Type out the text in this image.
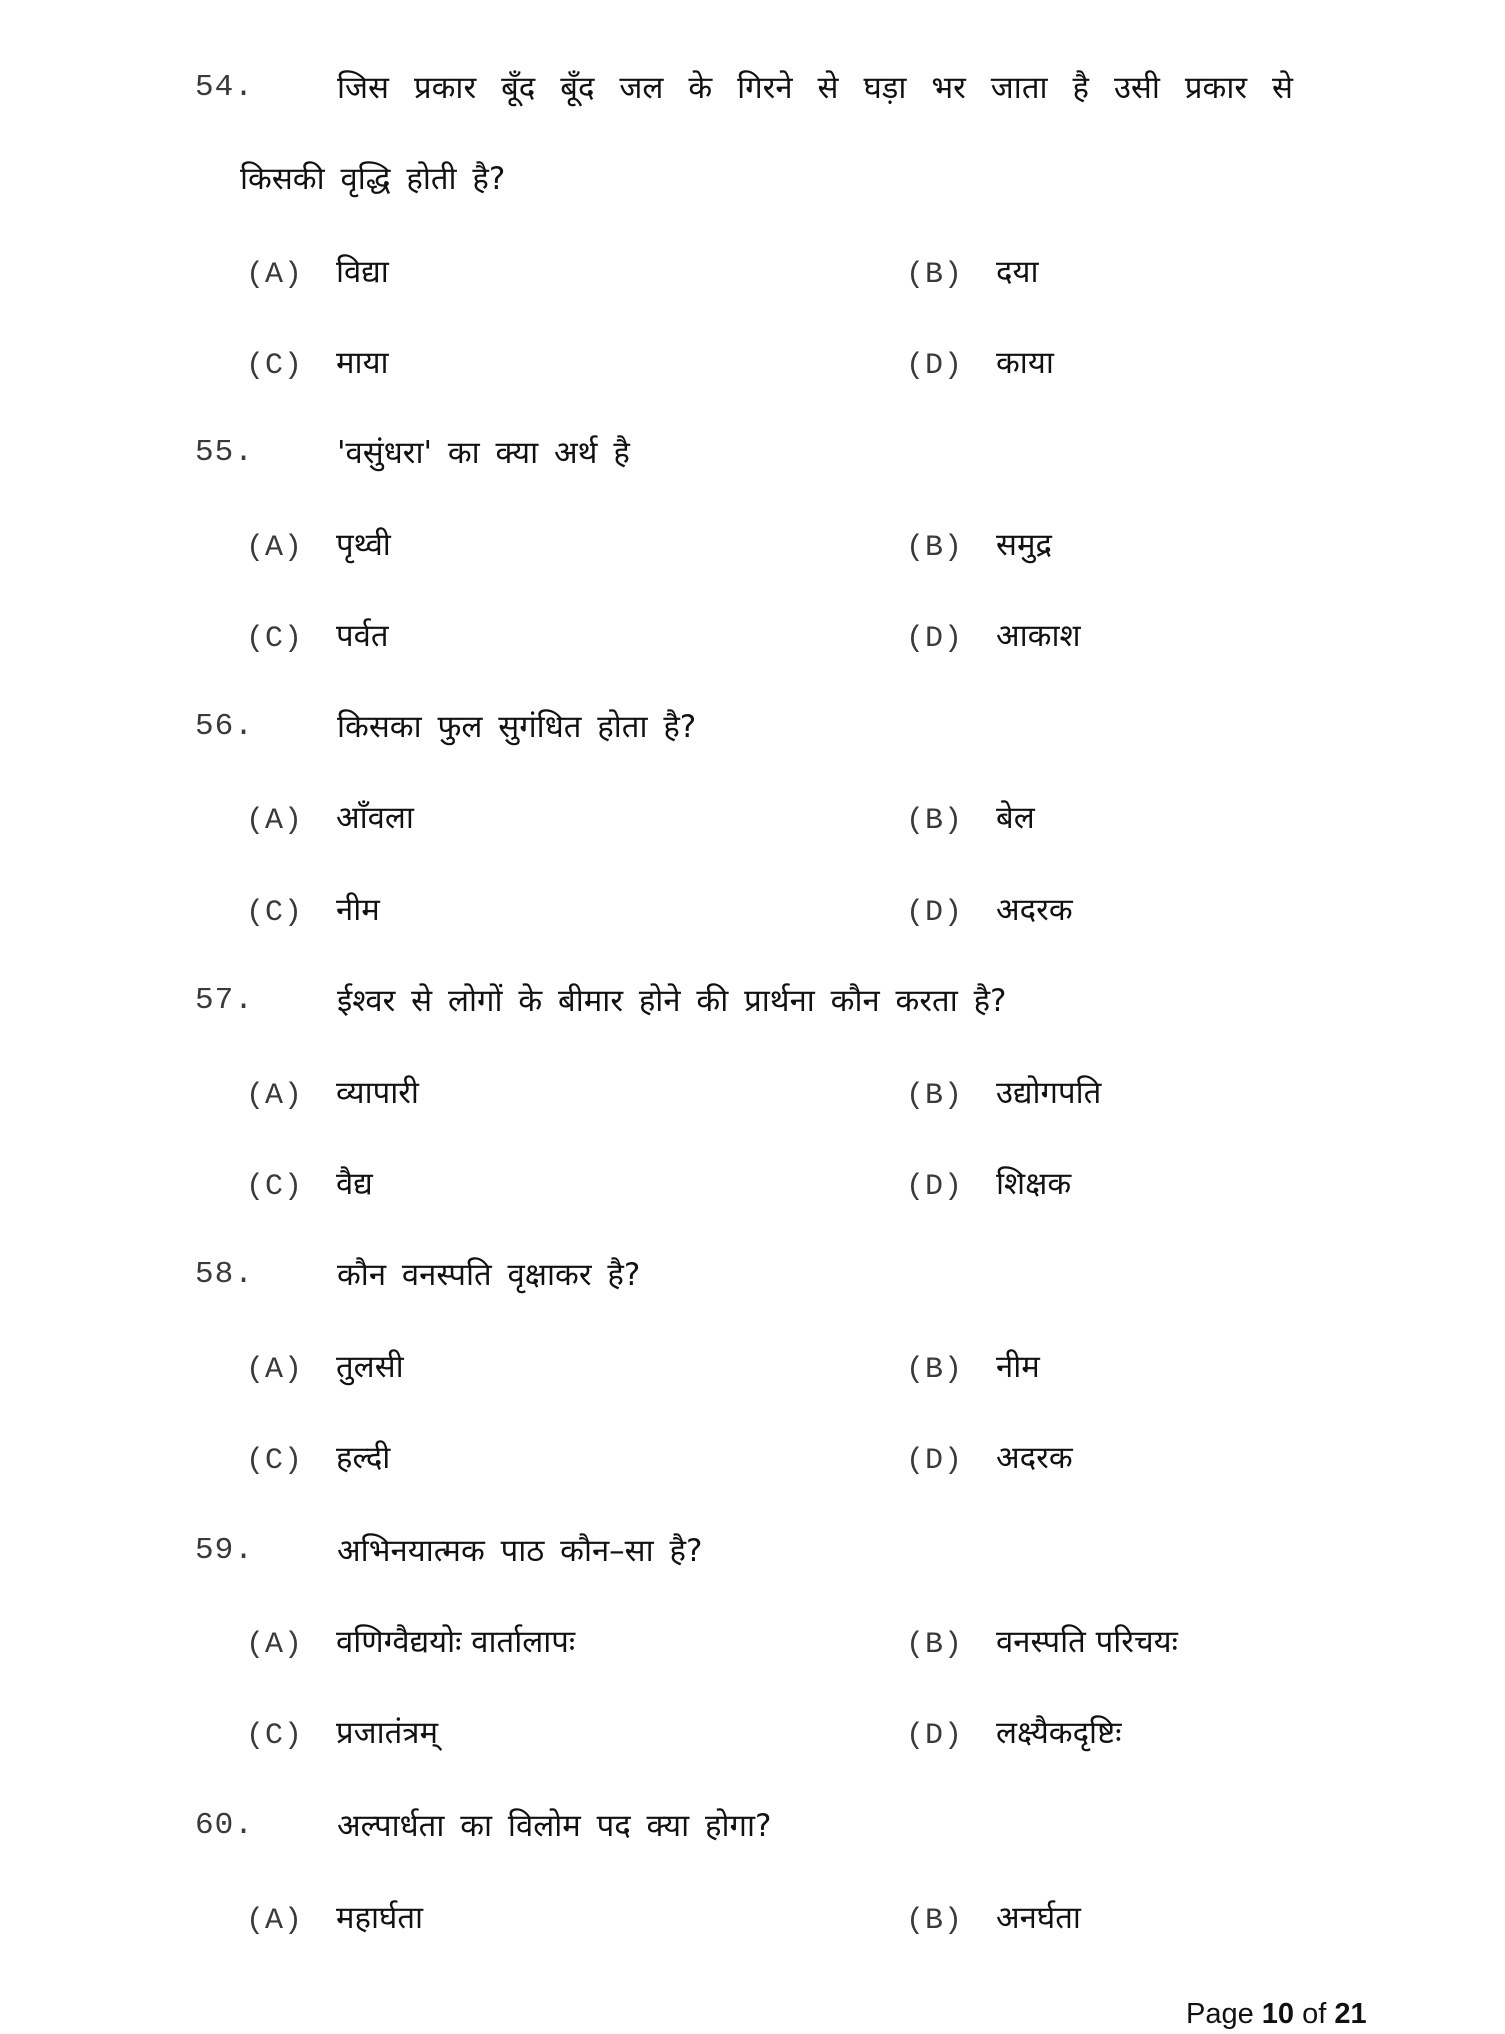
54.	जिस प्रकार बूँद बूँद जल के गिरने से घड़ा भर जाता है उसी प्रकार से
किसकी वृद्धि होती है?
(A) विद्या	(B) दया
(C) माया	(D) काया
55.	'वसुंधरा' का क्या अर्थ है
(A) पृथ्वी	(B) समुद्र
(C) पर्वत	(D) आकाश
56.	किसका फुल सुगंधित होता है?
(A) आँवला	(B) बेल
(C) नीम	(D) अदरक
57.	ईश्वर से लोगों के बीमार होने की प्रार्थना कौन करता है?
(A) व्यापारी	(B) उद्योगपति
(C) वैद्य	(D) शिक्षक
58.	कौन वनस्पति वृक्षाकर है?
(A) तुलसी	(B) नीम
(C) हल्दी	(D) अदरक
59.	अभिनयात्मक पाठ कौन–सा है?
(A) वणिग्वैद्ययोः वार्तालापः	(B) वनस्पति परिचयः
(C) प्रजातंत्रम्	(D) लक्ष्यैकदृष्टिः
60.	अल्पार्धता का विलोम पद क्या होगा?
(A) महार्घता	(B) अनर्घता
Page 10 of 21
